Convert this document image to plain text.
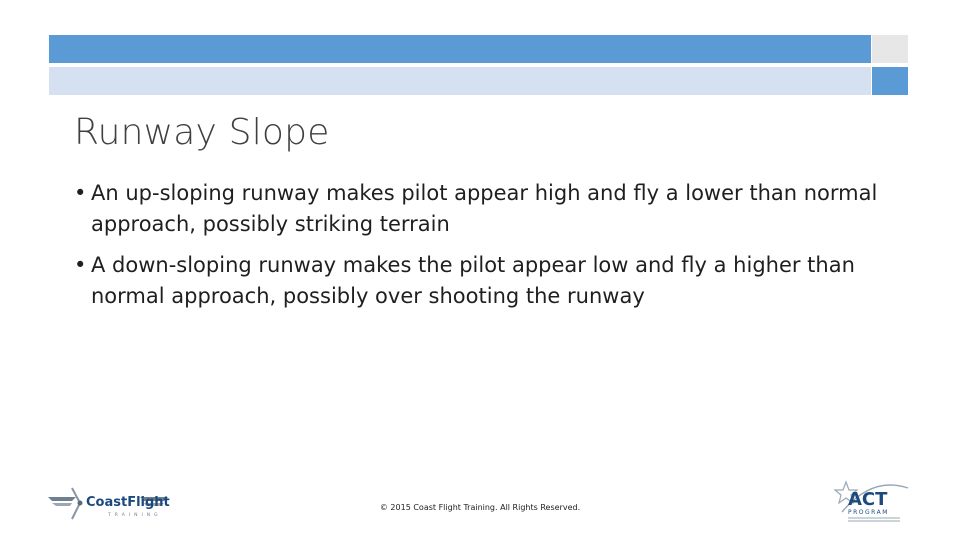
Runway Slope
• An up-sloping runway makes pilot appear high and fly a lower than normal approach, possibly striking terrain
• A down-sloping runway makes the pilot appear low and fly a higher than normal approach, possibly over shooting the runway
CoastFlight
TRAINING
© 2015 Coast Flight Training. All Rights Reserved.	ACT
PROGRAM
